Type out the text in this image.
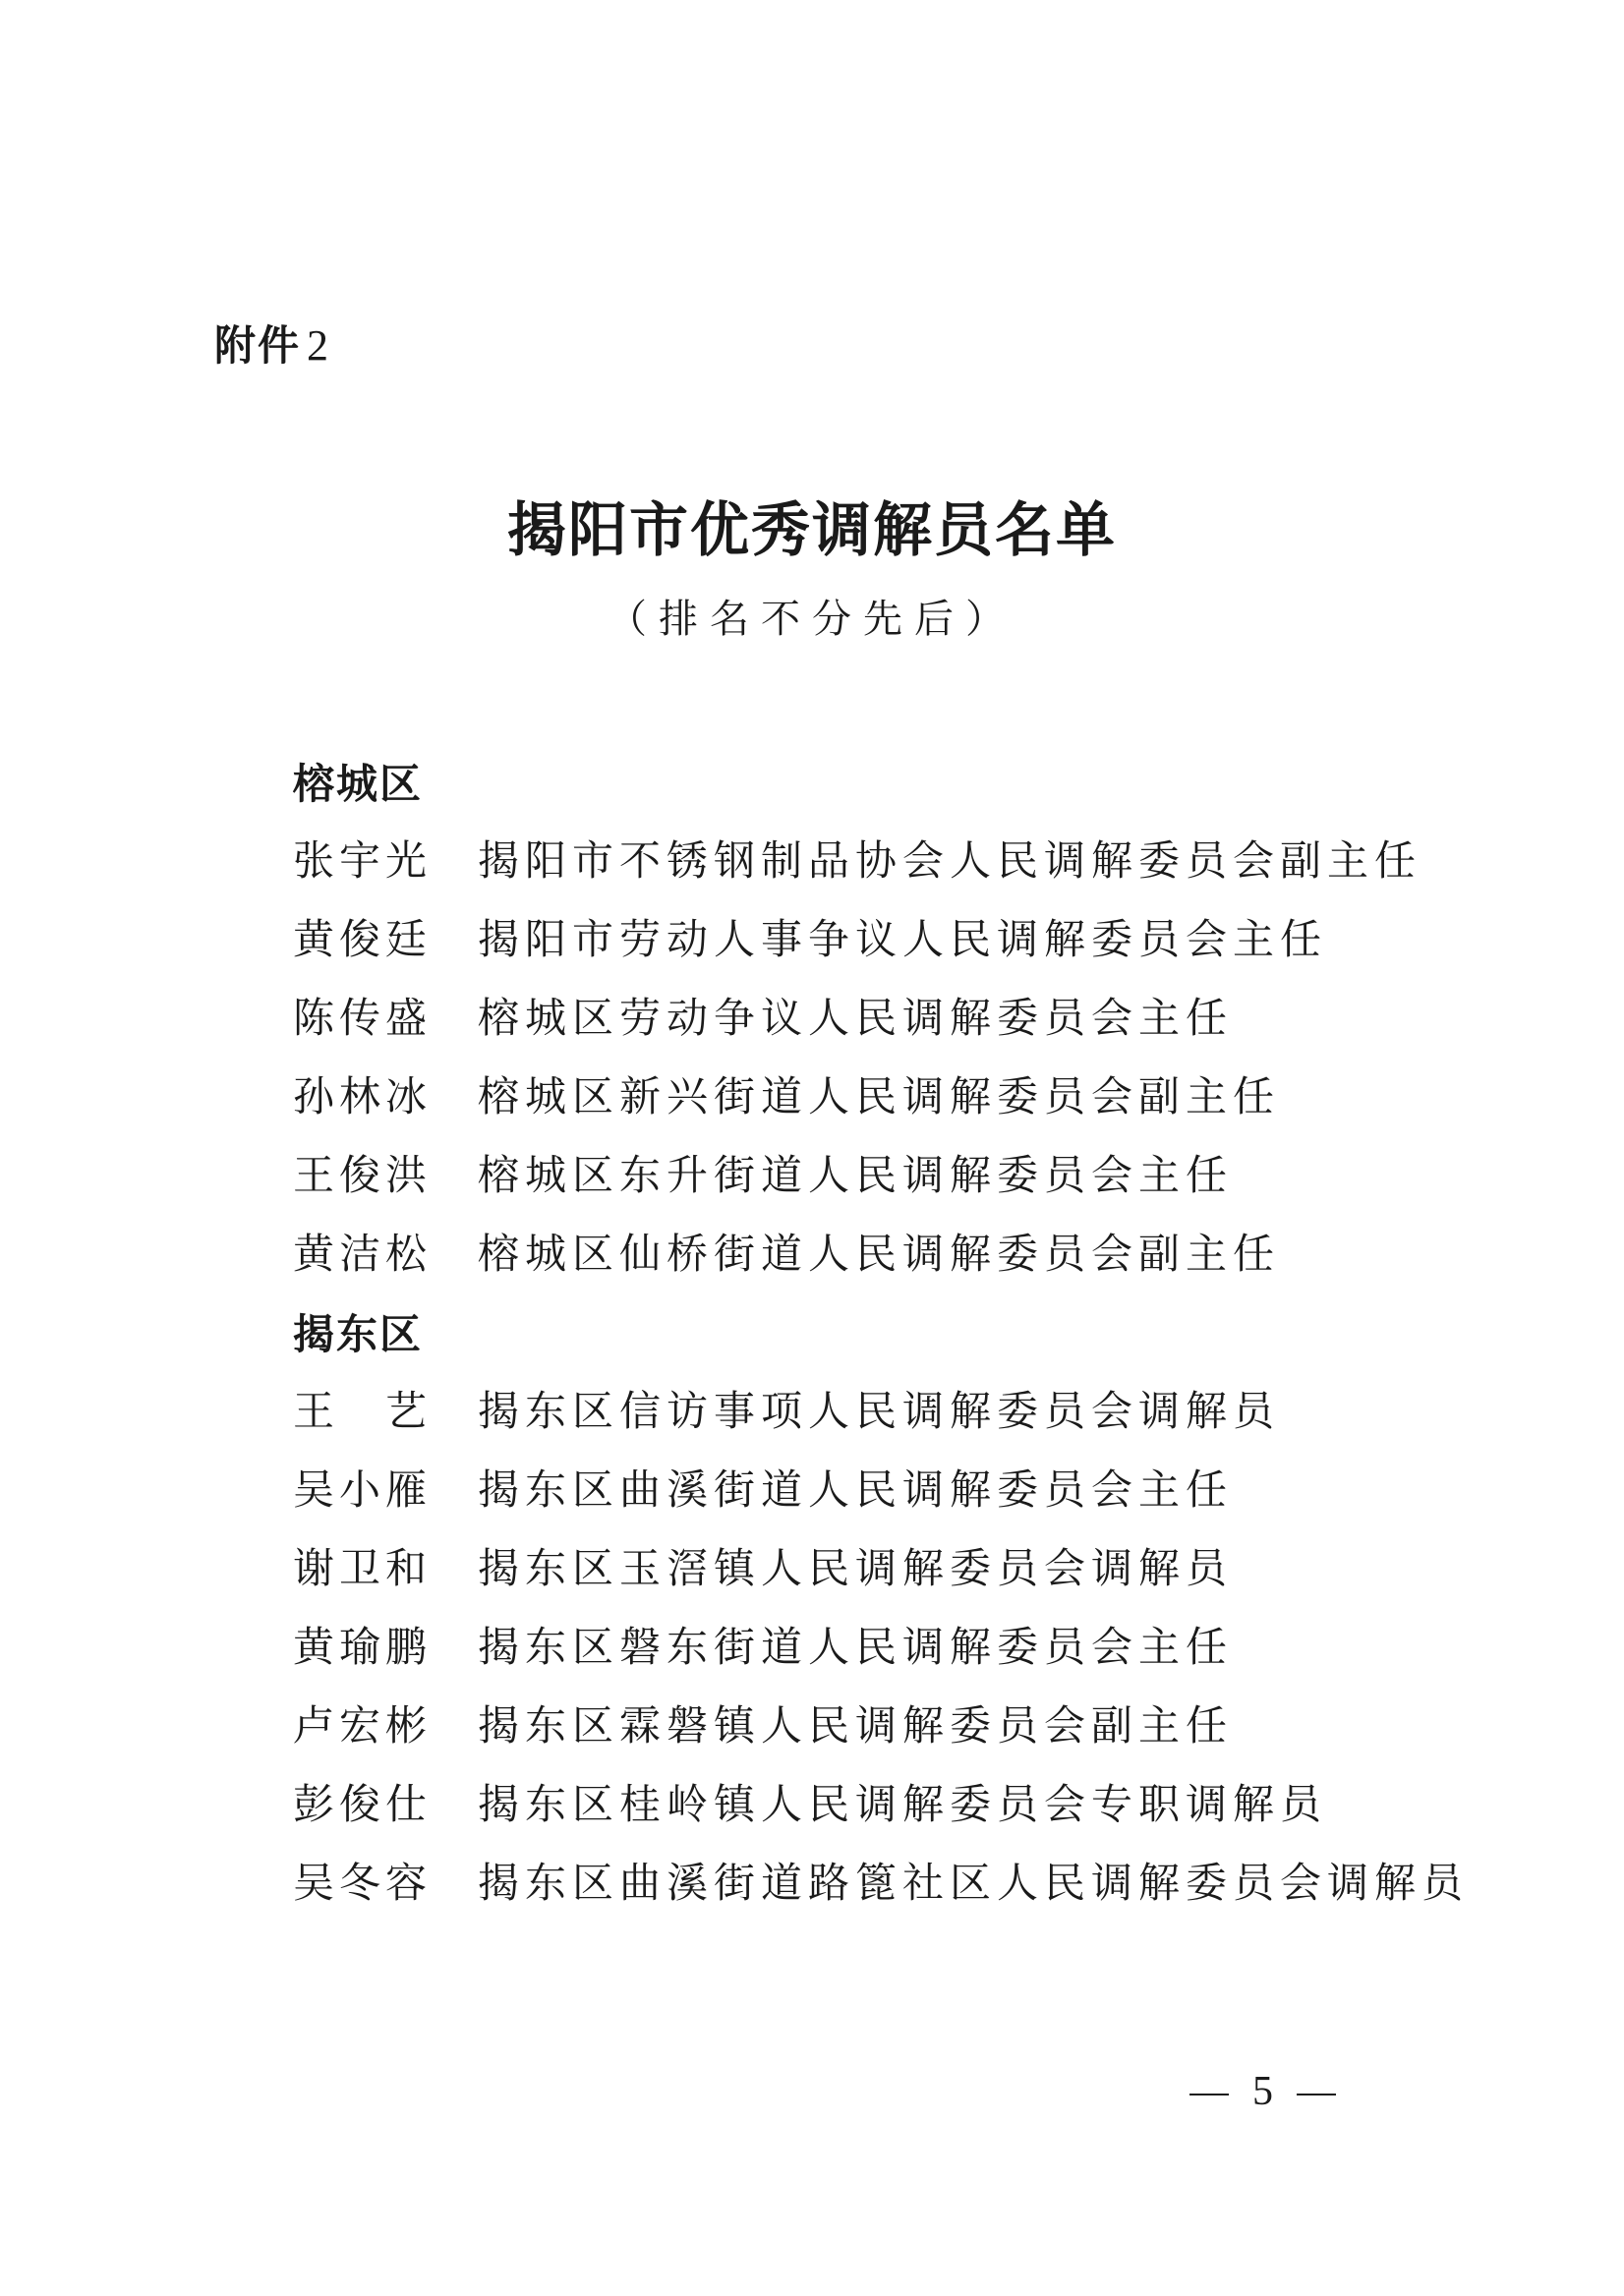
附件 2
揭阳市优秀调解员名单
（排名不分先后）
榕城区
张 宇 光 揭阳市不锈钢制品协会人民调解委员会副主任
黄 俊 廷 揭阳市劳动人事争议人民调解委员会主任
陈 传 盛 榕城区劳动争议人民调解委员会主任
孙 林 冰 榕城区新兴街道人民调解委员会副主任
王 俊 洪 榕城区东升街道人民调解委员会主任
黄 洁 松 榕城区仙桥街道人民调解委员会副主任
揭东区
王 艺 揭东区信访事项人民调解委员会调解员
吴 小 雁 揭东区曲溪街道人民调解委员会主任
谢 卫 和 揭东区玉滘镇人民调解委员会调解员
黄 瑜 鹏 揭东区磐东街道人民调解委员会主任
卢 宏 彬 揭东区霖磐镇人民调解委员会副主任
彭 俊 仕 揭东区桂岭镇人民调解委员会专职调解员
吴 冬 容 揭东区曲溪街道路篦社区人民调解委员会调解员
5
